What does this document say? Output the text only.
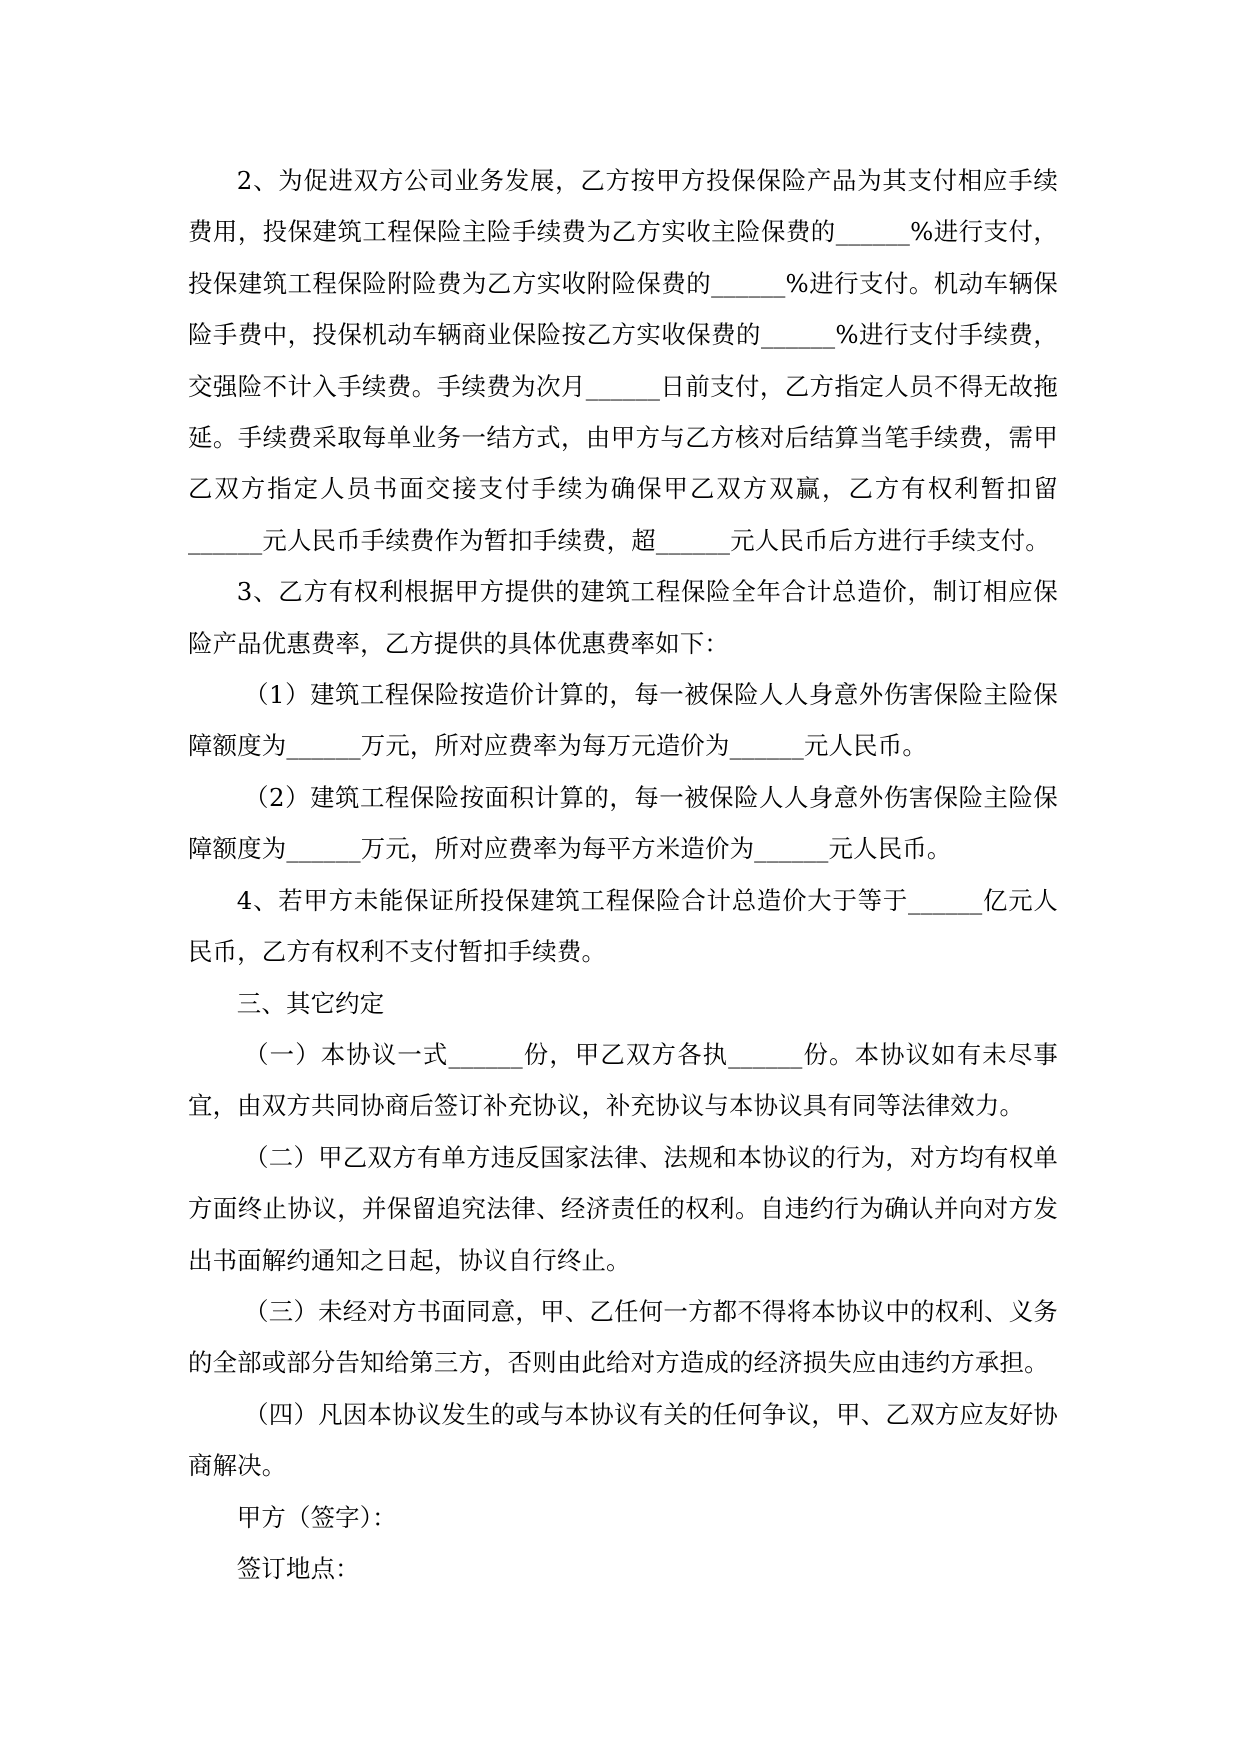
2、为促进双方公司业务发展，乙方按甲方投保保险产品为其支付相应手续费用，投保建筑工程保险主险手续费为乙方实收主险保费的______%进行支付，投保建筑工程保险附险费为乙方实收附险保费的______%进行支付。机动车辆保险手费中，投保机动车辆商业保险按乙方实收保费的______%进行支付手续费，交强险不计入手续费。手续费为次月______日前支付，乙方指定人员不得无故拖延。手续费采取每单业务一结方式，由甲方与乙方核对后结算当笔手续费，需甲乙双方指定人员书面交接支付手续为确保甲乙双方双赢，乙方有权利暂扣留______元人民币手续费作为暂扣手续费，超______元人民币后方进行手续支付。

3、乙方有权利根据甲方提供的建筑工程保险全年合计总造价，制订相应保险产品优惠费率，乙方提供的具体优惠费率如下：

（1）建筑工程保险按造价计算的，每一被保险人人身意外伤害保险主险保障额度为______万元，所对应费率为每万元造价为______元人民币。

（2）建筑工程保险按面积计算的，每一被保险人人身意外伤害保险主险保障额度为______万元，所对应费率为每平方米造价为______元人民币。

4、若甲方未能保证所投保建筑工程保险合计总造价大于等于______亿元人民币，乙方有权利不支付暂扣手续费。

三、其它约定

（一）本协议一式______份，甲乙双方各执______份。本协议如有未尽事宜，由双方共同协商后签订补充协议，补充协议与本协议具有同等法律效力。

（二）甲乙双方有单方违反国家法律、法规和本协议的行为，对方均有权单方面终止协议，并保留追究法律、经济责任的权利。自违约行为确认并向对方发出书面解约通知之日起，协议自行终止。

（三）未经对方书面同意，甲、乙任何一方都不得将本协议中的权利、义务的全部或部分告知给第三方，否则由此给对方造成的经济损失应由违约方承担。

（四）凡因本协议发生的或与本协议有关的任何争议，甲、乙双方应友好协商解决。

甲方（签字）：

签订地点：
